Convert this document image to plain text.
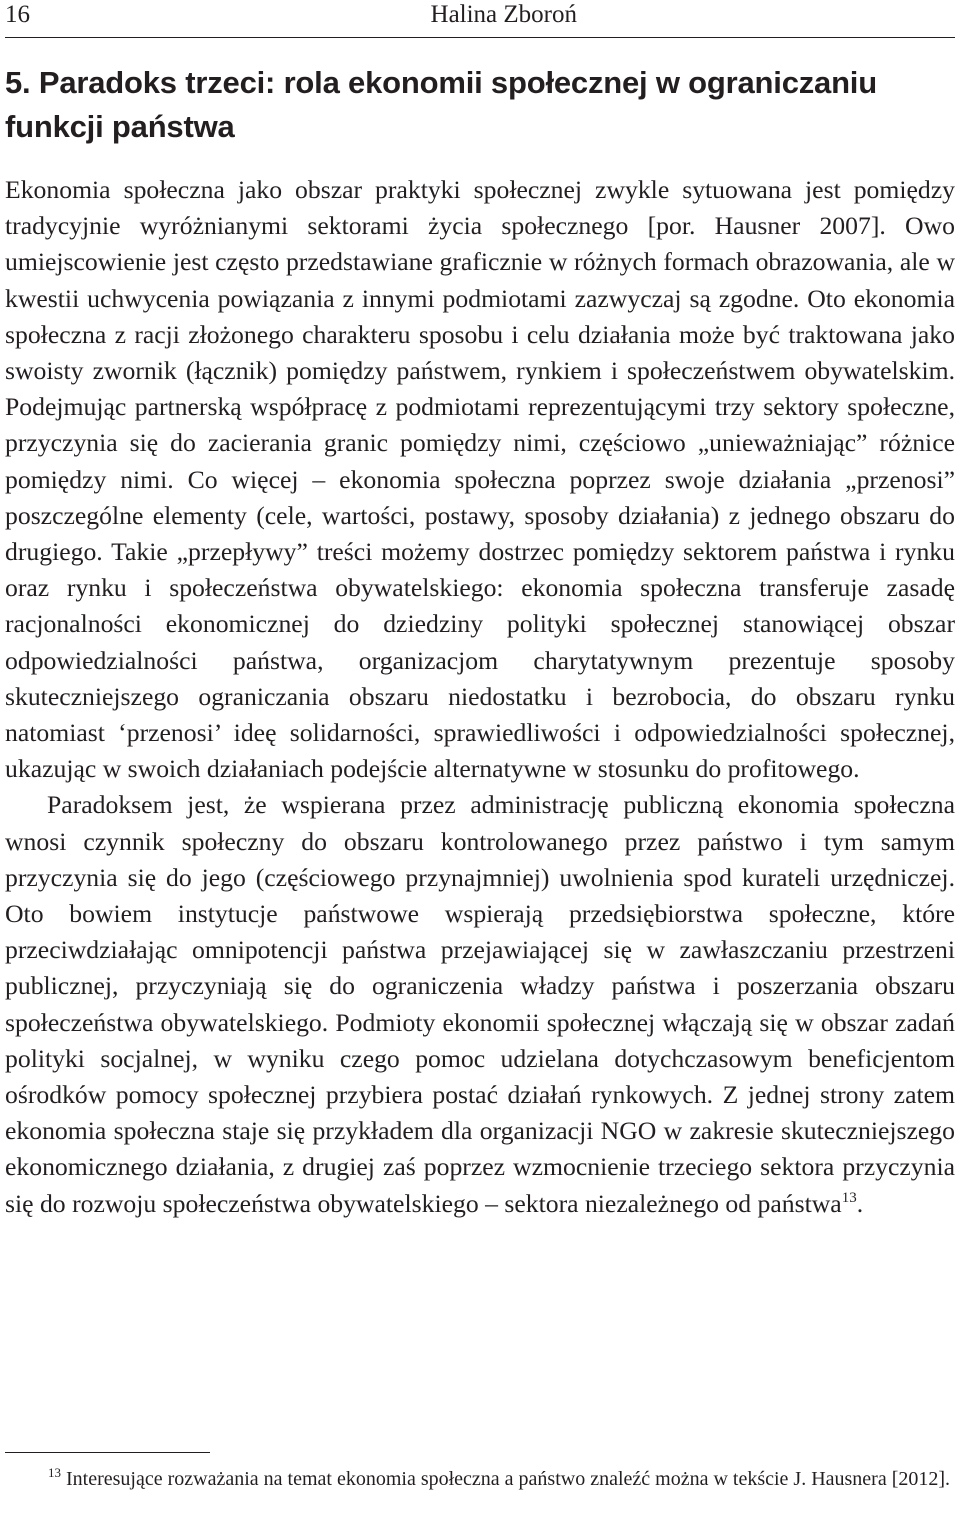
16	Halina Zboroń
5. Paradoks trzeci: rola ekonomii społecznej w ograniczaniu funkcji państwa

Ekonomia społeczna jako obszar praktyki społecznej zwykle sytuowana jest pomiędzy tradycyjnie wyróżnianymi sektorami życia społecznego [por. Hausner 2007]. Owo umiejscowienie jest często przedstawiane graficznie w różnych formach obrazowania, ale w kwestii uchwycenia powiązania z innymi podmiotami zazwyczaj są zgodne. Oto ekonomia społeczna z racji złożonego charakteru sposobu i celu działania może być traktowana jako swoisty zwornik (łącznik) pomiędzy państwem, rynkiem i społeczeństwem obywatelskim. Podejmując partnerską współpracę z podmiotami reprezentującymi trzy sektory społeczne, przyczynia się do zacierania granic pomiędzy nimi, częściowo „unieważniając” różnice pomiędzy nimi. Co więcej – ekonomia społeczna poprzez swoje działania „przenosi” poszczególne elementy (cele, wartości, postawy, sposoby działania) z jednego obszaru do drugiego. Takie „przepływy” treści możemy dostrzec pomiędzy sektorem państwa i rynku oraz rynku i społeczeństwa obywatelskiego: ekonomia społeczna transferuje zasadę racjonalności ekonomicznej do dziedziny polityki społecznej stanowiącej obszar odpowiedzialności państwa, organizacjom charytatywnym prezentuje sposoby skuteczniejszego ograniczania obszaru niedostatku i bezrobocia, do obszaru rynku natomiast ‘przenosi’ ideę solidarności, sprawiedliwości i odpowiedzialności społecznej, ukazując w swoich działaniach podejście alternatywne w stosunku do profitowego.

Paradoksem jest, że wspierana przez administrację publiczną ekonomia społeczna wnosi czynnik społeczny do obszaru kontrolowanego przez państwo i tym samym przyczynia się do jego (częściowego przynajmniej) uwolnienia spod kurateli urzędniczej. Oto bowiem instytucje państwowe wspierają przedsiębiorstwa społeczne, które przeciwdziałając omnipotencji państwa przejawiającej się w zawłaszczaniu przestrzeni publicznej, przyczyniają się do ograniczenia władzy państwa i poszerzania obszaru społeczeństwa obywatelskiego. Podmioty ekonomii społecznej włączają się w obszar zadań polityki socjalnej, w wyniku czego pomoc udzielana dotychczasowym beneficjentom ośrodków pomocy społecznej przybiera postać działań rynkowych. Z jednej strony zatem ekonomia społeczna staje się przykładem dla organizacji NGO w zakresie skuteczniejszego ekonomicznego działania, z drugiej zaś poprzez wzmocnienie trzeciego sektora przyczynia się do rozwoju społeczeństwa obywatelskiego – sektora niezależnego od państwa$^{13}$.

$^{13}$ Interesujące rozważania na temat ekonomia społeczna a państwo znaleźć można w tekście J. Hausnera [2012].
